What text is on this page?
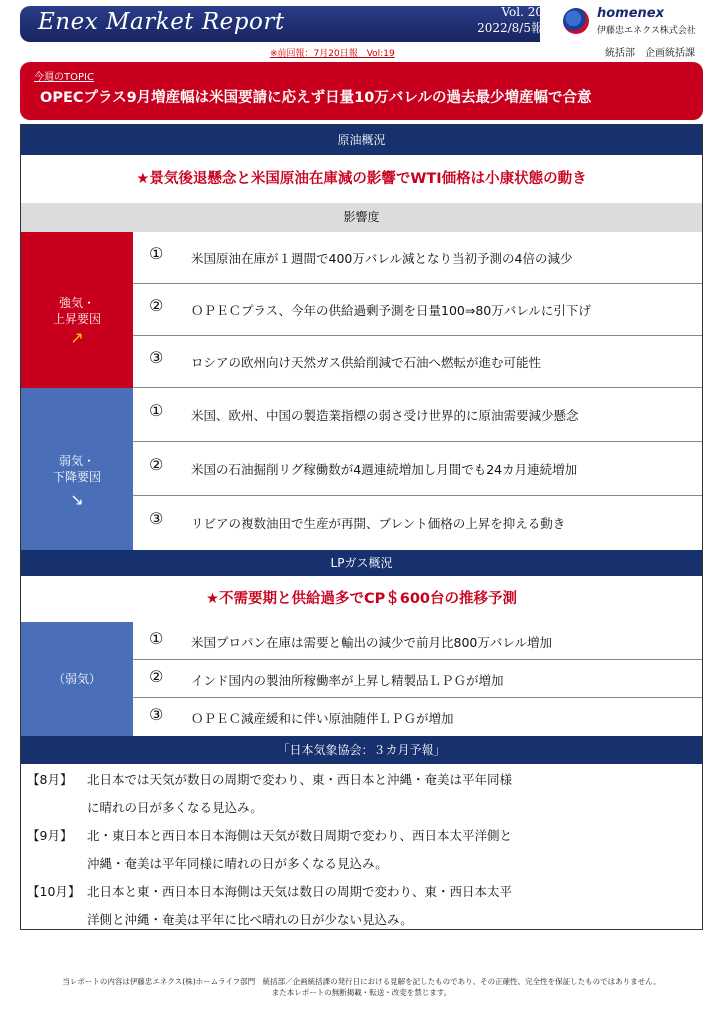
Enex Market Report	Vol. 20
2022/8/5報
homenex
伊藤忠エネクス株式会社
※前回報：7月20日報　Vol:19	統括部　企画統括課
今週のTOPIC
OPECプラス9月増産幅は米国要請に応えず日量10万バレルの過去最少増産幅で合意
原油概況
★景気後退懸念と米国原油在庫減の影響でWTI価格は小康状態の動き
影響度
強気・
上昇要因
↗
① 米国原油在庫が１週間で400万バレル減となり当初予測の4倍の減少
② ＯＰＥＣプラス、今年の供給過剰予測を日量100⇒80万バレルに引下げ
③ ロシアの欧州向け天然ガス供給削減で石油へ燃転が進む可能性
弱気・
下降要因
↘
① 米国、欧州、中国の製造業指標の弱さ受け世界的に原油需要減少懸念
② 米国の石油掘削リグ稼働数が4週連続増加し月間でも24カ月連続増加
③ リビアの複数油田で生産が再開、ブレント価格の上昇を抑える動き
LPガス概況
★不需要期と供給過多でCP＄600台の推移予測
（弱気）
① 米国プロパン在庫は需要と輸出の減少で前月比800万バレル増加
② インド国内の製油所稼働率が上昇し精製品ＬＰＧが増加
③ ＯＰＥＣ減産緩和に伴い原油随伴ＬＰＧが増加
「日本気象協会：３カ月予報」
【8月】 北日本では天気が数日の周期で変わり、東・西日本と沖縄・奄美は平年同様
に晴れの日が多くなる見込み。
【9月】 北・東日本と西日本日本海側は天気が数日周期で変わり、西日本太平洋側と
沖縄・奄美は平年同様に晴れの日が多くなる見込み。
【10月】 北日本と東・西日本日本海側は天気は数日の周期で変わり、東・西日本太平
洋側と沖縄・奄美は平年に比べ晴れの日が少ない見込み。
当レポートの内容は伊藤忠エネクス(株)ホームライフ部門　統括部／企画統括課の発行日における見解を記したものであり、その正確性、完全性を保証したものではありません。
また本レポートの無断掲載・転送・改変を禁じます。
